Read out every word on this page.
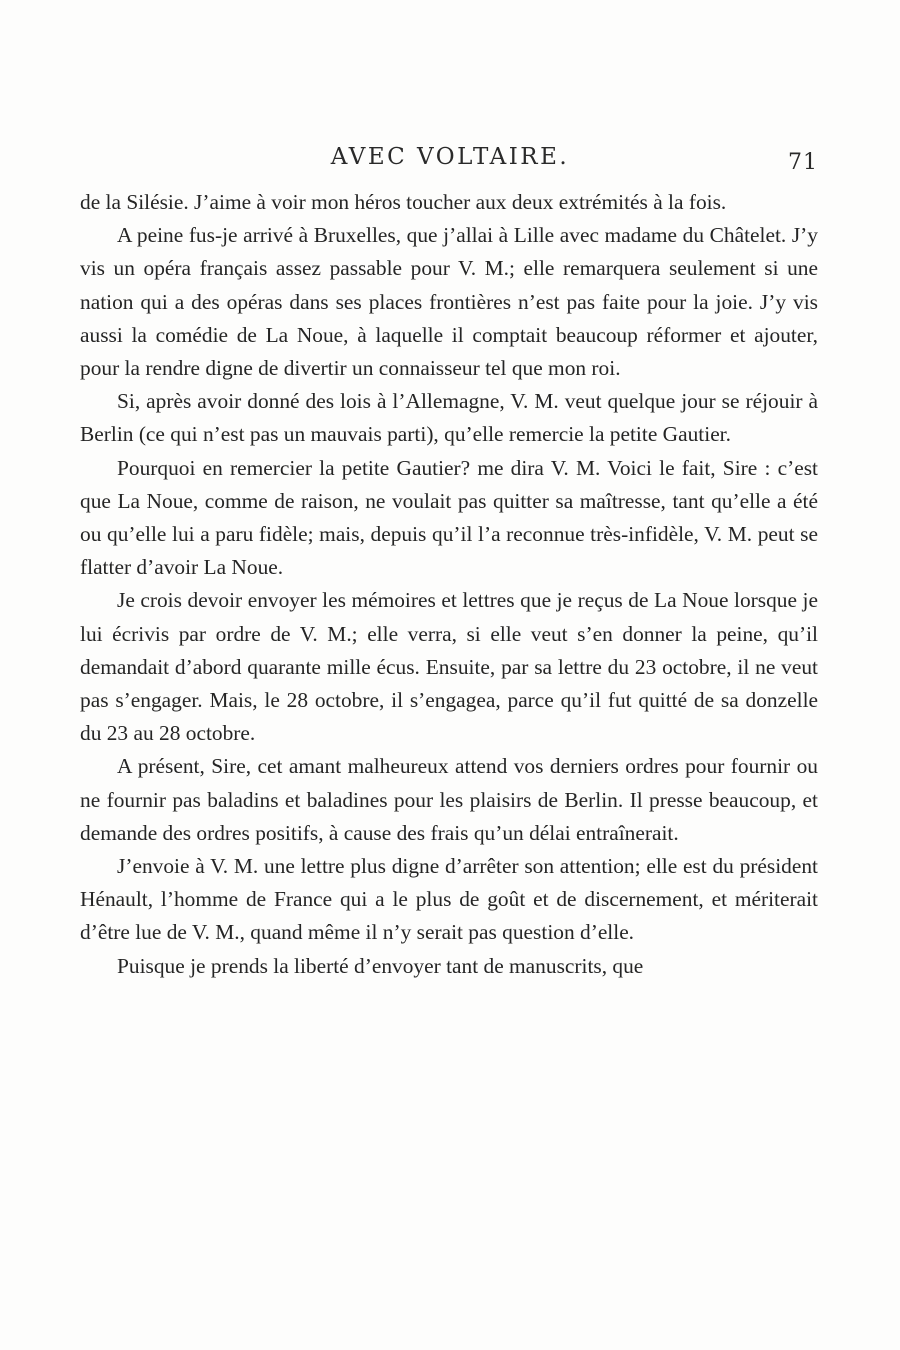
AVEC VOLTAIRE.	71

de la Silésie. J’aime à voir mon héros toucher aux deux extrémités à la fois.

A peine fus-je arrivé à Bruxelles, que j’allai à Lille avec madame du Châtelet. J’y vis un opéra français assez passable pour V. M.; elle remarquera seulement si une nation qui a des opéras dans ses places frontières n’est pas faite pour la joie. J’y vis aussi la comédie de La Noue, à laquelle il comptait beaucoup réformer et ajouter, pour la rendre digne de divertir un connaisseur tel que mon roi.

Si, après avoir donné des lois à l’Allemagne, V. M. veut quelque jour se réjouir à Berlin (ce qui n’est pas un mauvais parti), qu’elle remercie la petite Gautier.

Pourquoi en remercier la petite Gautier? me dira V. M. Voici le fait, Sire : c’est que La Noue, comme de raison, ne voulait pas quitter sa maîtresse, tant qu’elle a été ou qu’elle lui a paru fidèle; mais, depuis qu’il l’a reconnue très-infidèle, V. M. peut se flatter d’avoir La Noue.

Je crois devoir envoyer les mémoires et lettres que je reçus de La Noue lorsque je lui écrivis par ordre de V. M.; elle verra, si elle veut s’en donner la peine, qu’il demandait d’abord quarante mille écus. Ensuite, par sa lettre du 23 octobre, il ne veut pas s’engager. Mais, le 28 octobre, il s’engagea, parce qu’il fut quitté de sa donzelle du 23 au 28 octobre.

A présent, Sire, cet amant malheureux attend vos derniers ordres pour fournir ou ne fournir pas baladins et baladines pour les plaisirs de Berlin. Il presse beaucoup, et demande des ordres positifs, à cause des frais qu’un délai entraînerait.

J’envoie à V. M. une lettre plus digne d’arrêter son attention; elle est du président Hénault, l’homme de France qui a le plus de goût et de discernement, et mériterait d’être lue de V. M., quand même il n’y serait pas question d’elle.

Puisque je prends la liberté d’envoyer tant de manuscrits, que
